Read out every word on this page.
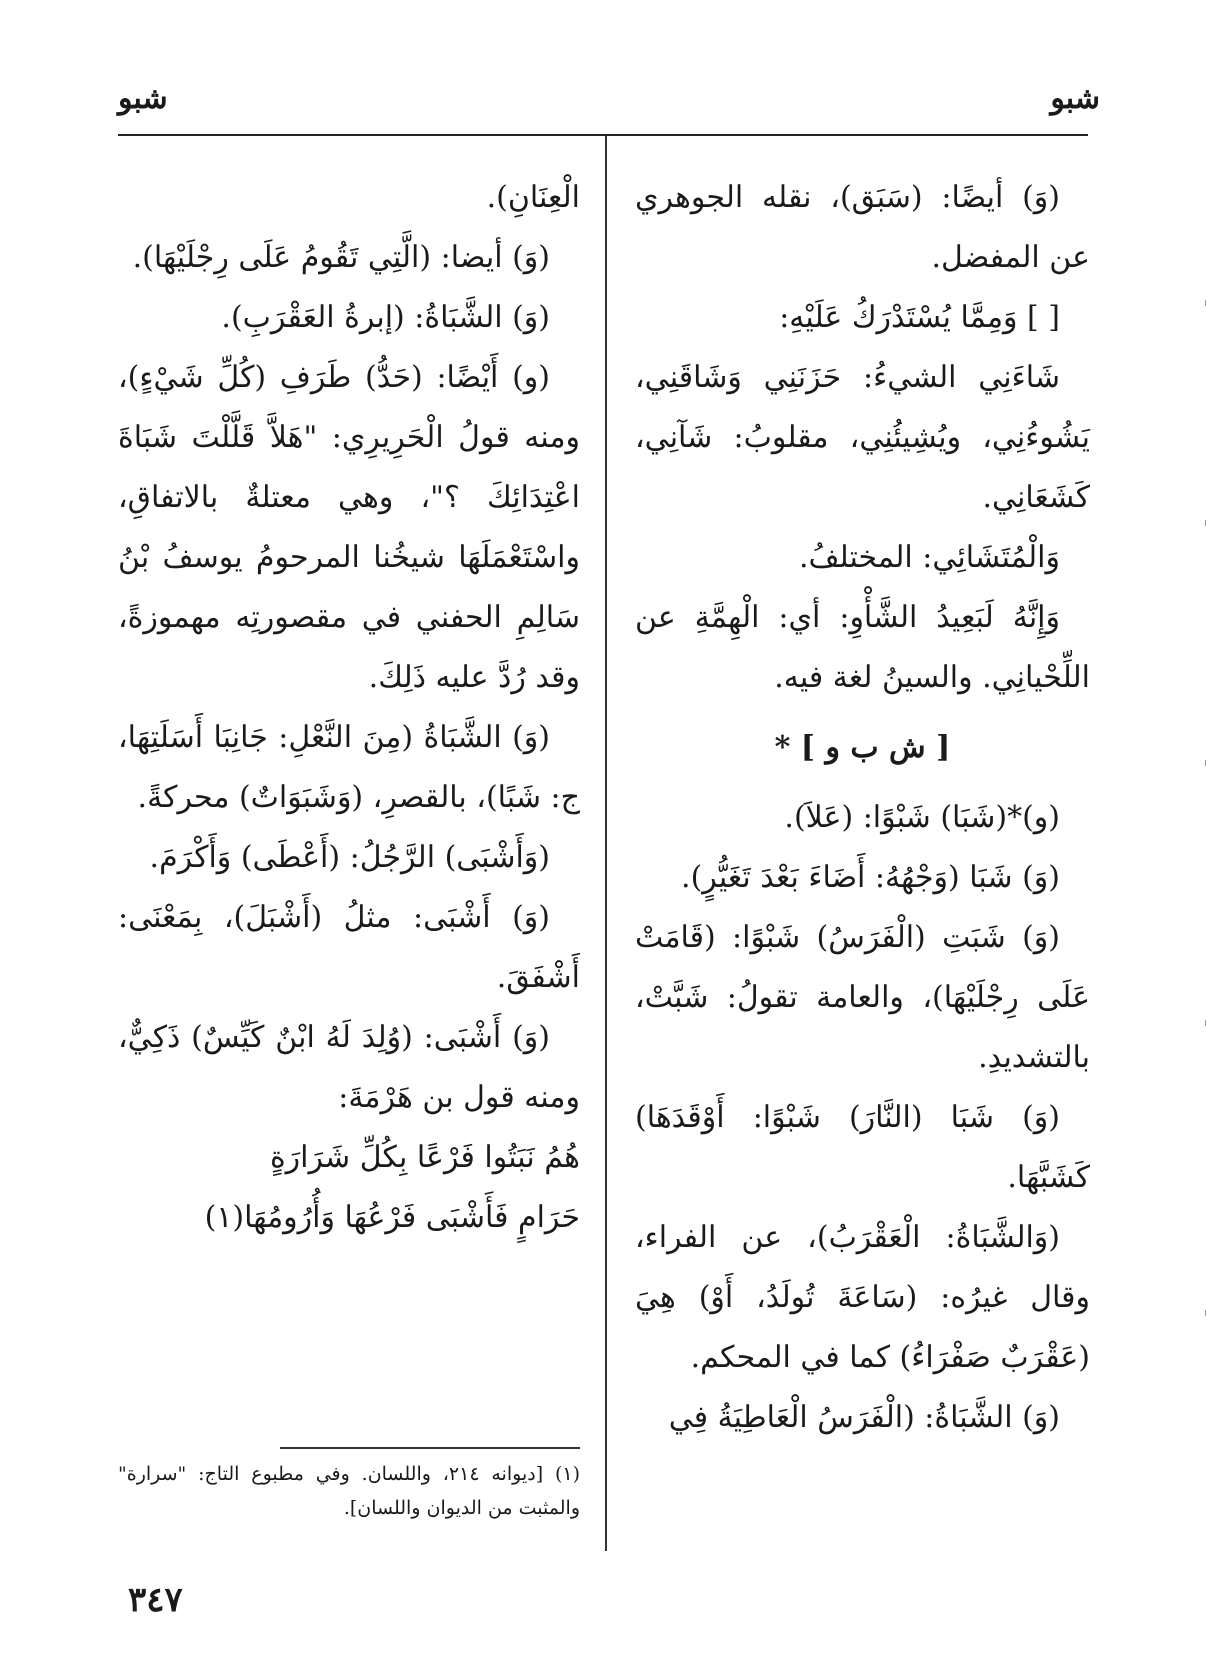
شبو
شبو

(وَ) أيضًا: (سَبَق)، نقله الجوهري عن المفضل.

[ ] وَمِمَّا يُسْتَدْرَكُ عَلَيْهِ:

شَاءَنِي الشيءُ: حَزَنَنِي وَشَاقَنِي، يَشُوءُنِي، ويُشِيئُنِي، مقلوبُ: شَآنِي، كَشَعَانِي.

وَالْمُتَشَائِي: المختلفُ.

وَإِنَّهُ لَبَعِيدُ الشَّأْوِ: أي: الْهِمَّةِ عن اللِّحْيانِي. والسينُ لغة فيه.

[ ش ب و ] *

(و)*(شَبَا) شَبْوًا: (عَلاَ).

(وَ) شَبَا (وَجْهُهُ: أَضَاءَ بَعْدَ تَغَيُّرٍ).

(وَ) شَبَتِ (الْفَرَسُ) شَبْوًا: (قَامَتْ عَلَى رِجْلَيْهَا)، والعامة تقولُ: شَبَّتْ، بالتشديدِ.

(وَ) شَبَا (النَّارَ) شَبْوًا: أَوْقَدَهَا) كَشَبَّهَا.

(وَالشَّبَاةُ: الْعَقْرَبُ)، عن الفراء، وقال غيرُه: (سَاعَةَ تُولَدُ، أَوْ) هِيَ (عَقْرَبٌ صَفْرَاءُ) كما في المحكم.

(وَ) الشَّبَاةُ: (الْفَرَسُ الْعَاطِيَةُ فِي

الْعِنَانِ).

(وَ) أيضا: (الَّتِي تَقُومُ عَلَى رِجْلَيْهَا).

(وَ) الشَّبَاةُ: (إبرةُ العَقْرَبِ).

(و) أَيْضًا: (حَدُّ) طَرَفِ (كُلِّ شَيْءٍ)، ومنه قولُ الْحَرِيرِي: "هَلاَّ قَلَّلْتَ شَبَاةَ اعْتِدَائِكَ ؟"، وهي معتلةٌ بالاتفاقِ، واسْتَعْمَلَهَا شيخُنا المرحومُ يوسفُ بْنُ سَالِمِ الحفني في مقصورتِه مهموزةً، وقد رُدَّ عليه ذَلِكَ.

(وَ) الشَّبَاةُ (مِنَ النَّعْلِ: جَانِبَا أَسَلَتِهَا، ج: شَبًا)، بالقصرِ، (وَشَبَوَاتٌ) محركةً.

(وَأَشْبَى) الرَّجُلُ: (أَعْطَى) وَأَكْرَمَ.

(وَ) أَشْبَى: مثلُ (أَشْبَلَ)، بِمَعْنَى: أَشْفَقَ.

(وَ) أَشْبَى: (وُلِدَ لَهُ ابْنٌ كَيِّسٌ) ذَكِيٌّ، ومنه قول بن هَرْمَةَ:

هُمُ نَبَتُوا فَرْعًا بِكُلِّ شَرَارَةٍ

حَرَامٍ فَأَشْبَى فَرْعُهَا وَأُرُومُهَا(١)

(١) [ديوانه ٢١٤، واللسان. وفي مطبوع التاج: "سرارة" والمثبت من الديوان واللسان].
٣٤٧
